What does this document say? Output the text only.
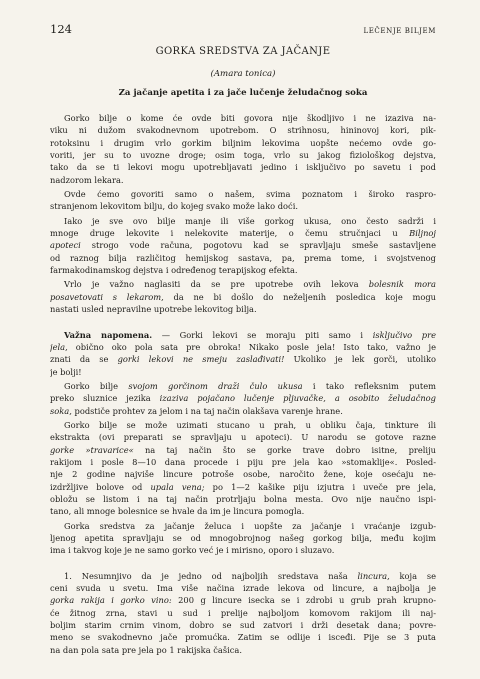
124	LEČENJE BILJEM
GORKA SREDSTVA ZA JAČANJE
(Amara tonica)
Za jačanje apetita i za jače lučenje želudačnog soka
Gorko bilje o kome će ovde biti govora nije škodljivo i ne izaziva na-
viku ni dužom svakodnevnom upotrebom. O strihnosu, hininovoj kori, pik-
rotoksinu i drugim vrlo gorkim biljnim lekovima uopšte nećemo ovde go-
voriti, jer su to uvozne droge; osim toga, vrlo su jakog fiziološkog dejstva,
tako da se ti lekovi mogu upotrebljavati jedino i isključivo po savetu i pod
nadzorom lekara.
Ovde ćemo govoriti samo o našem, svima poznatom i široko raspro-
stranjenom lekovitom bilju, do kojeg svako može lako doći.
Iako je sve ovo bilje manje ili više gorkog ukusa, ono često sadrži i
mnoge druge lekovite i nelekovite materije, o čemu stručnjaci u Biljnoj
apoteci strogo vode računa, pogotovu kad se spravljaju smeše sastavljene
od raznog bilja različitog hemijskog sastava, pa, prema tome, i svojstvenog
farmakodinamskog dejstva i određenog terapijskog efekta.
Vrlo je važno naglasiti da se pre upotrebe ovih lekova bolesnik mora
posavetovati s lekarom, da ne bi došlo do neželjenih posledica koje mogu
nastati usled nepravilne upotrebe lekovitog bilja.
Važna napomena. — Gorki lekovi se moraju piti samo i isključivo pre
jela, obično oko pola sata pre obroka! Nikako posle jela! Isto tako, važno je
znati da se gorki lekovi ne smeju zaslađivati! Ukoliko je lek gorči, utoliko
je bolji!
Gorko bilje svojom gorčinom draži čulo ukusa i tako refleksnim putem
preko sluznice jezika izaziva pojačano lučenje pljuvačke, a osobito želudačnog
soka, podstiče prohtev za jelom i na taj način olakšava varenje hrane.
Gorko bilje se može uzimati stucano u prah, u obliku čaja, tinkture ili
ekstrakta (ovi preparati se spravljaju u apoteci). U narodu se gotove razne
gorke »travarice« na taj način što se gorke trave dobro isitne, preliju
rakijom i posle 8—10 dana procede i piju pre jela kao »stomaklije«. Posled-
nje 2 godine najviše lincure potroše osobe, naročito žene, koje osećaju ne-
izdržljive bolove od upala vena; po 1—2 kašike piju izjutra i uveče pre jela,
obložu se listom i na taj način protrljaju bolna mesta. Ovo nije naučno ispi-
tano, ali mnoge bolesnice se hvale da im je lincura pomogla.
Gorka sredstva za jačanje želuca i uopšte za jačanje i vraćanje izgub-
ljenog apetita spravljaju se od mnogobrojnog našeg gorkog bilja, među kojim
ima i takvog koje je ne samo gorko već je i mirisno, oporo i sluzavo.
1. Nesumnjivo da je jedno od najboljih sredstava naša lincura, koja se
ceni svuda u svetu. Ima više načina izrade lekova od lincure, a najbolja je
gorka rakija i gorko vino: 200 g lincure isecka se i zdrobi u grub prah krupno-
će žitnog zrna, stavi u sud i prelije najboljom komovom rakijom ili naj-
boljim starim crnim vinom, dobro se sud zatvori i drži desetak dana; povre-
meno se svakodnevno jače promućka. Zatim se odlije i isceđi. Pije se 3 puta
na dan pola sata pre jela po 1 rakijska čašica.
